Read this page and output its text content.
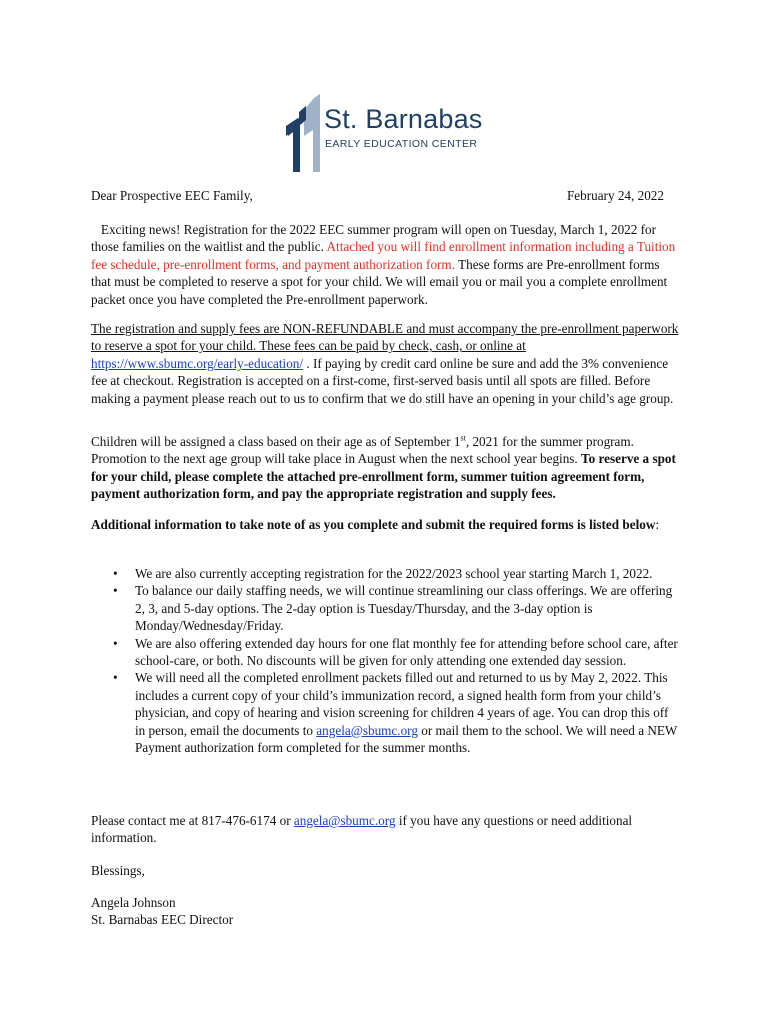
St. Barnabas
EARLY EDUCATION CENTER
Dear Prospective EEC Family,	February 24, 2022

Exciting news! Registration for the 2022 EEC summer program will open on Tuesday, March 1, 2022 for those families on the waitlist and the public. Attached you will find enrollment information including a Tuition fee schedule, pre-enrollment forms, and payment authorization form. These forms are Pre-enrollment forms that must be completed to reserve a spot for your child. We will email you or mail you a complete enrollment packet once you have completed the Pre-enrollment paperwork.

The registration and supply fees are NON-REFUNDABLE and must accompany the pre-enrollment paperwork to reserve a spot for your child. These fees can be paid by check, cash, or online at https://www.sbumc.org/early-education/ . If paying by credit card online be sure and add the 3% convenience fee at checkout. Registration is accepted on a first-come, first-served basis until all spots are filled. Before making a payment please reach out to us to confirm that we do still have an opening in your child’s age group.

Children will be assigned a class based on their age as of September 1st, 2021 for the summer program. Promotion to the next age group will take place in August when the next school year begins. To reserve a spot for your child, please complete the attached pre-enrollment form, summer tuition agreement form, payment authorization form, and pay the appropriate registration and supply fees.

Additional information to take note of as you complete and submit the required forms is listed below:

• We are also currently accepting registration for the 2022/2023 school year starting March 1, 2022.
• To balance our daily staffing needs, we will continue streamlining our class offerings. We are offering 2, 3, and 5-day options. The 2-day option is Tuesday/Thursday, and the 3-day option is Monday/Wednesday/Friday.
• We are also offering extended day hours for one flat monthly fee for attending before school care, after school-care, or both. No discounts will be given for only attending one extended day session.
• We will need all the completed enrollment packets filled out and returned to us by May 2, 2022. This includes a current copy of your child’s immunization record, a signed health form from your child’s physician, and copy of hearing and vision screening for children 4 years of age. You can drop this off in person, email the documents to angela@sbumc.org or mail them to the school. We will need a NEW Payment authorization form completed for the summer months.

Please contact me at 817-476-6174 or angela@sbumc.org if you have any questions or need additional information.

Blessings,

Angela Johnson

St. Barnabas EEC Director
